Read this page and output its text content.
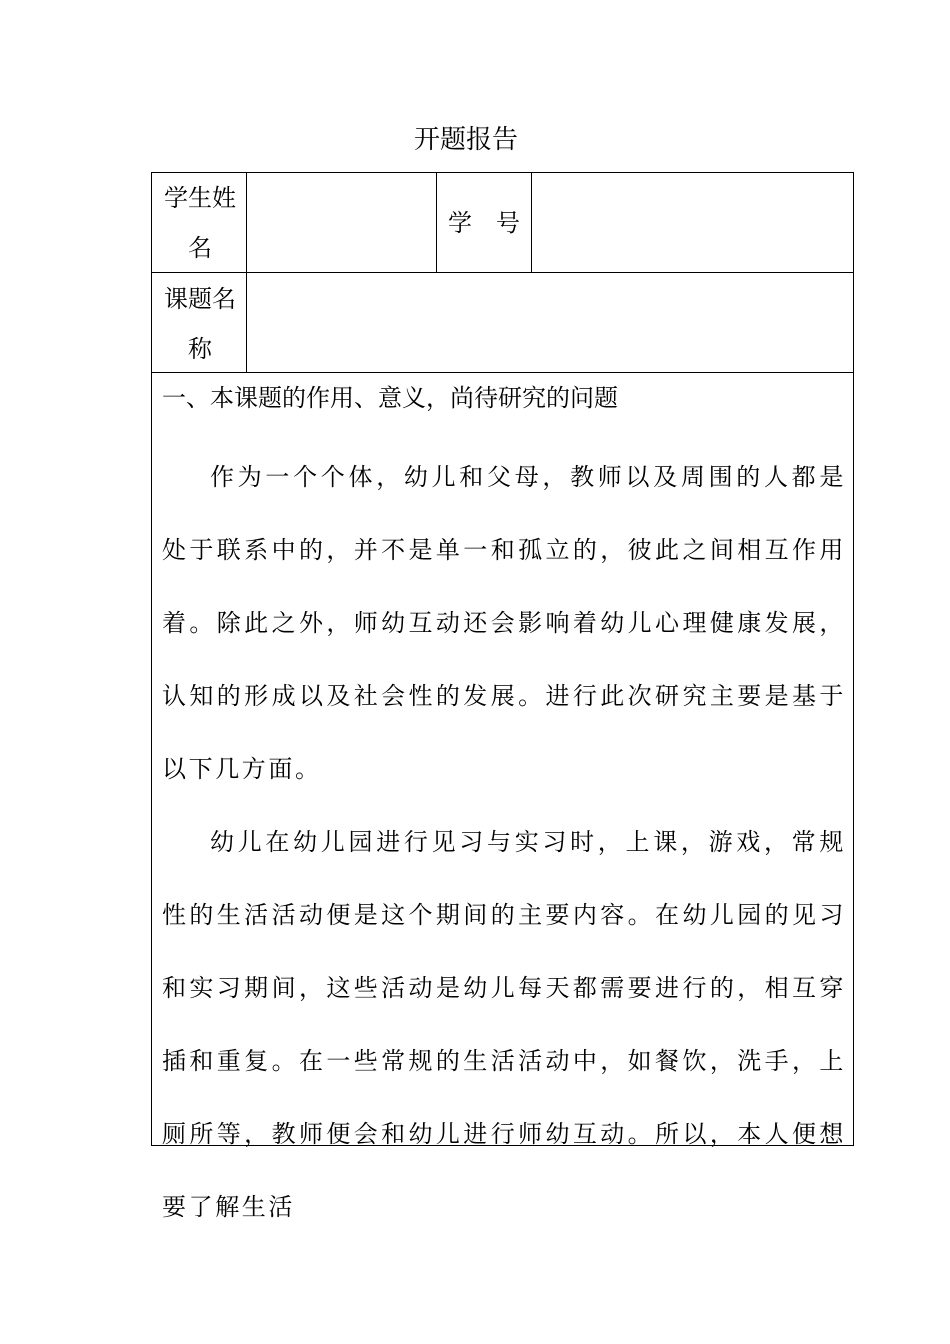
开题报告
学生姓名
学　号
课题名称
一、本课题的作用、意义，尚待研究的问题

作为一个个体，幼儿和父母，教师以及周围的人都是处于联系中的，并不是单一和孤立的，彼此之间相互作用着。除此之外，师幼互动还会影响着幼儿心理健康发展，认知的形成以及社会性的发展。进行此次研究主要是基于以下几方面。

幼儿在幼儿园进行见习与实习时，上课，游戏，常规性的生活活动便是这个期间的主要内容。在幼儿园的见习和实习期间，这些活动是幼儿每天都需要进行的，相互穿插和重复。在一些常规的生活活动中，如餐饮，洗手，上厕所等，教师便会和幼儿进行师幼互动。所以，本人便想要了解生活
